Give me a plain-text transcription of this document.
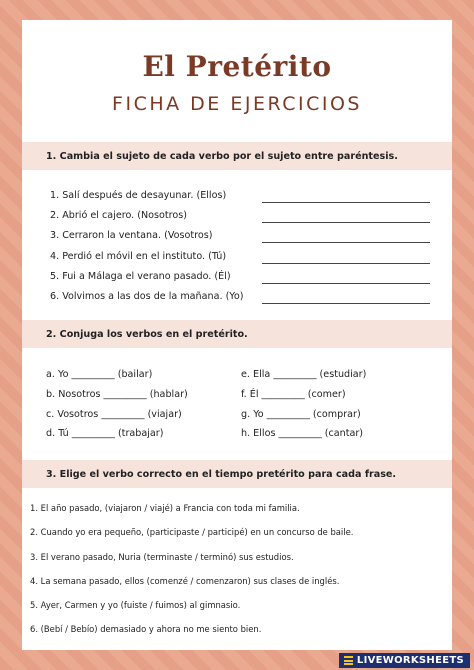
El Pretérito
FICHA DE EJERCICIOS
1. Cambia el sujeto de cada verbo por el sujeto entre paréntesis.
1. Salí después de desayunar. (Ellos)
2. Abrió el cajero. (Nosotros)
3. Cerraron la ventana. (Vosotros)
4. Perdió el móvil en el instituto. (Tú)
5. Fui a Málaga el verano pasado. (Él)
6. Volvimos a las dos de la mañana. (Yo)
2. Conjuga los verbos en el pretérito.
a. Yo _________ (bailar)
b. Nosotros _________ (hablar)
c. Vosotros _________ (viajar)
d. Tú _________ (trabajar)
e. Ella _________ (estudiar)
f. Él _________ (comer)
g. Yo _________ (comprar)
h. Ellos _________ (cantar)
3. Elige el verbo correcto en el tiempo pretérito para cada frase.
1. El año pasado, (viajaron / viajé) a Francia con toda mi familia.
2. Cuando yo era pequeño, (participaste / participé) en un concurso de baile.
3. El verano pasado, Nuria (terminaste / terminó) sus estudios.
4. La semana pasado, ellos (comenzé / comenzaron) sus clases de inglés.
5. Ayer, Carmen y yo (fuiste / fuimos) al gimnasio.
6. (Bebí / Bebío) demasiado y ahora no me siento bien.
LIVEWORKSHEETS
